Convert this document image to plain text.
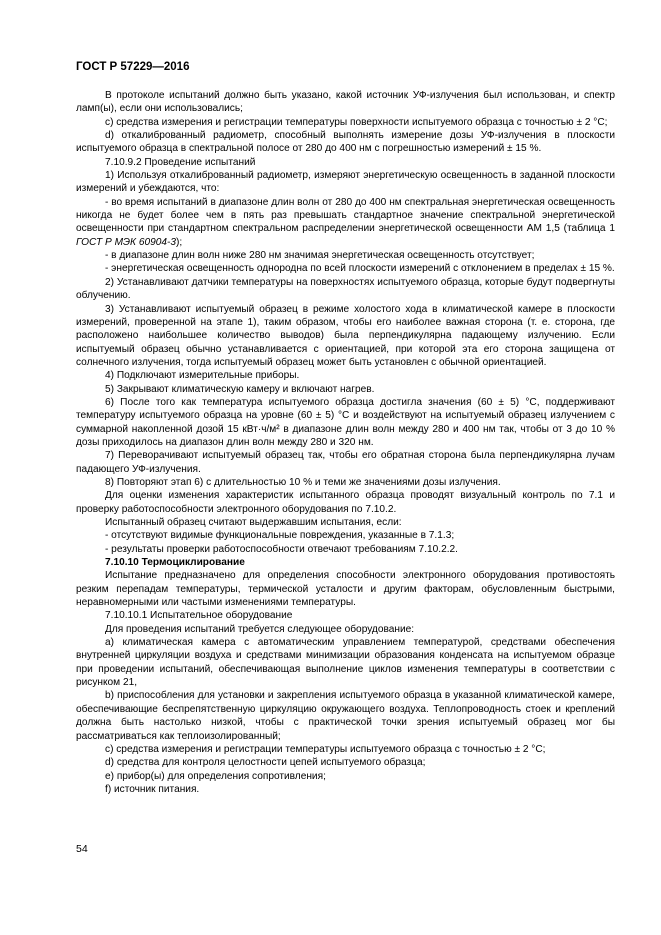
ГОСТ Р 57229—2016

В протоколе испытаний должно быть указано, какой источник УФ-излучения был использован, и спектр ламп(ы), если они использовались;

c) средства измерения и регистрации температуры поверхности испытуемого образца с точностью ± 2 °С;

d) откалиброванный радиометр, способный выполнять измерение дозы УФ-излучения в плоскости испытуемого образца в спектральной полосе от 280 до 400 нм с погрешностью измерений ± 15 %.

7.10.9.2 Проведение испытаний

1) Используя откалиброванный радиометр, измеряют энергетическую освещенность в заданной плоскости измерений и убеждаются, что:

- во время испытаний в диапазоне длин волн от 280 до 400 нм спектральная энергетическая освещенность никогда не будет более чем в пять раз превышать стандартное значение спектральной энергетической освещенности при стандартном спектральном распределении энергетической освещенности АМ 1,5 (таблица 1 ГОСТ Р МЭК 60904-3);

- в диапазоне длин волн ниже 280 нм значимая энергетическая освещенность отсутствует;

- энергетическая освещенность однородна по всей плоскости измерений с отклонением в пределах ± 15 %.

2) Устанавливают датчики температуры на поверхностях испытуемого образца, которые будут подвергнуты облучению.

3) Устанавливают испытуемый образец в режиме холостого хода в климатической камере в плоскости измерений, проверенной на этапе 1), таким образом, чтобы его наиболее важная сторона (т. е. сторона, где расположено наибольшее количество выводов) была перпендикулярна падающему излучению. Если испытуемый образец обычно устанавливается с ориентацией, при которой эта его сторона защищена от солнечного излучения, тогда испытуемый образец может быть установлен с обычной ориентацией.

4) Подключают измерительные приборы.

5) Закрывают климатическую камеру и включают нагрев.

6) После того как температура испытуемого образца достигла значения (60 ± 5) °С, поддерживают температуру испытуемого образца на уровне (60 ± 5) °С и воздействуют на испытуемый образец излучением с суммарной накопленной дозой 15 кВт·ч/м² в диапазоне длин волн между 280 и 400 нм так, чтобы от 3 до 10 % дозы приходилось на диапазон длин волн между 280 и 320 нм.

7) Переворачивают испытуемый образец так, чтобы его обратная сторона была перпендикулярна лучам падающего УФ-излучения.

8) Повторяют этап 6) с длительностью 10 % и теми же значениями дозы излучения.

Для оценки изменения характеристик испытанного образца проводят визуальный контроль по 7.1 и проверку работоспособности электронного оборудования по 7.10.2.

Испытанный образец считают выдержавшим испытания, если:

- отсутствуют видимые функциональные повреждения, указанные в 7.1.3;

- результаты проверки работоспособности отвечают требованиям 7.10.2.2.

7.10.10 Термоциклирование

Испытание предназначено для определения способности электронного оборудования противостоять резким перепадам температуры, термической усталости и другим факторам, обусловленным быстрыми, неравномерными или частыми изменениями температуры.

7.10.10.1 Испытательное оборудование

Для проведения испытаний требуется следующее оборудование:

a) климатическая камера с автоматическим управлением температурой, средствами обеспечения внутренней циркуляции воздуха и средствами минимизации образования конденсата на испытуемом образце при проведении испытаний, обеспечивающая выполнение циклов изменения температуры в соответствии с рисунком 21,

b) приспособления для установки и закрепления испытуемого образца в указанной климатической камере, обеспечивающие беспрепятственную циркуляцию окружающего воздуха. Теплопроводность стоек и креплений должна быть настолько низкой, чтобы с практической точки зрения испытуемый образец мог бы рассматриваться как теплоизолированный;

c) средства измерения и регистрации температуры испытуемого образца с точностью ± 2 °С;

d) средства для контроля целостности цепей испытуемого образца;

e) прибор(ы) для определения сопротивления;

f) источник питания.

54
